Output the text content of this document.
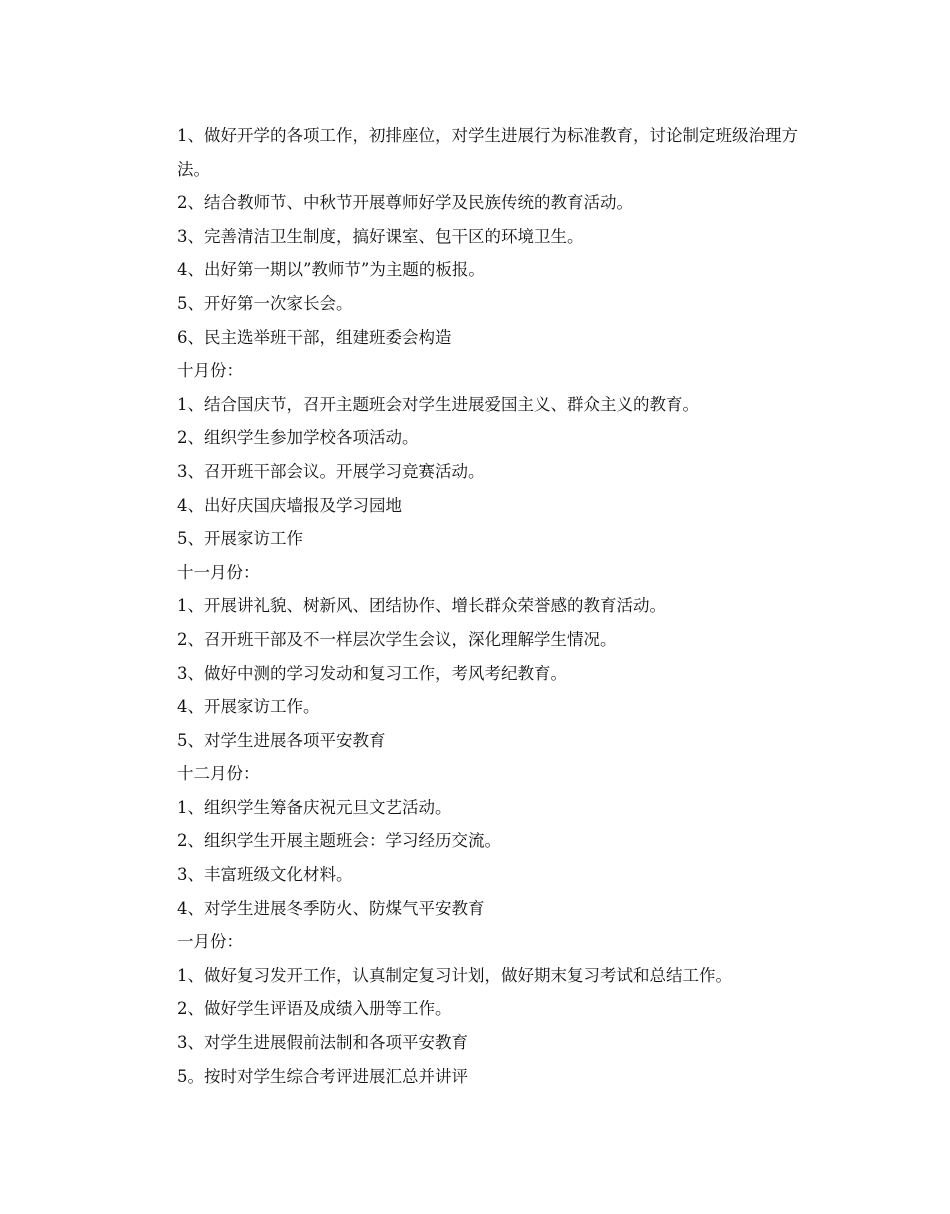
1、做好开学的各项工作，初排座位，对学生进展行为标准教育，讨论制定班级治理方法。
2、结合教师节、中秋节开展尊师好学及民族传统的教育活动。
3、完善清洁卫生制度，搞好课室、包干区的环境卫生。
4、出好第一期以”教师节”为主题的板报。
5、开好第一次家长会。
6、民主选举班干部，组建班委会构造
十月份：
1、结合国庆节，召开主题班会对学生进展爱国主义、群众主义的教育。
2、组织学生参加学校各项活动。
3、召开班干部会议。开展学习竞赛活动。
4、出好庆国庆墙报及学习园地
5、开展家访工作
十一月份：
1、开展讲礼貌、树新风、团结协作、增长群众荣誉感的教育活动。
2、召开班干部及不一样层次学生会议，深化理解学生情况。
3、做好中测的学习发动和复习工作，考风考纪教育。
4、开展家访工作。
5、对学生进展各项平安教育
十二月份：
1、组织学生筹备庆祝元旦文艺活动。
2、组织学生开展主题班会：学习经历交流。
3、丰富班级文化材料。
4、对学生进展冬季防火、防煤气平安教育
一月份：
1、做好复习发开工作，认真制定复习计划，做好期末复习考试和总结工作。
2、做好学生评语及成绩入册等工作。
3、对学生进展假前法制和各项平安教育
5。按时对学生综合考评进展汇总并讲评
